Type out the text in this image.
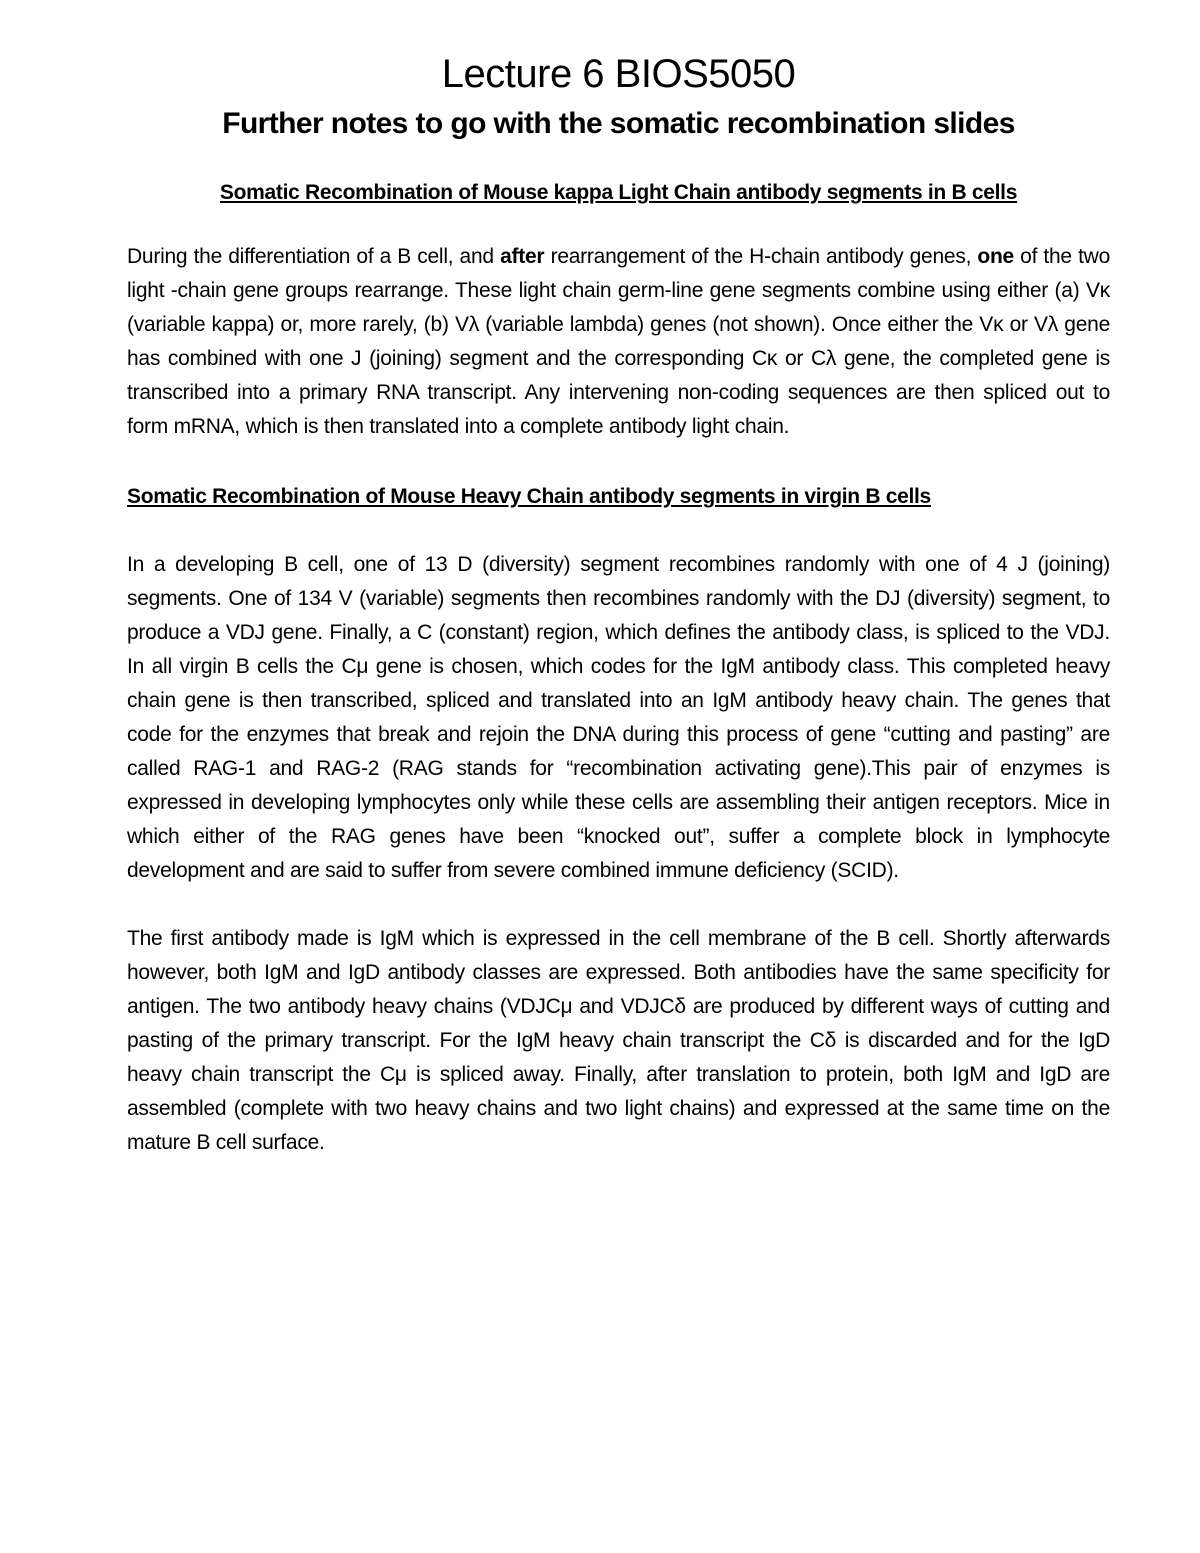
Lecture 6 BIOS5050
Further notes to go with the somatic recombination slides
Somatic Recombination of Mouse kappa Light Chain antibody segments in B cells

During the differentiation of a B cell, and after rearrangement of the H-chain antibody genes, one of the two light -chain gene groups rearrange. These light chain germ-line gene segments combine using either (a) Vκ (variable kappa) or, more rarely, (b) Vλ (variable lambda) genes (not shown). Once either the Vκ or Vλ gene has combined with one J (joining) segment and the corresponding Cκ or Cλ gene, the completed gene is transcribed into a primary RNA transcript. Any intervening non-coding sequences are then spliced out to form mRNA, which is then translated into a complete antibody light chain.

Somatic Recombination of Mouse Heavy Chain antibody segments in virgin B cells

In a developing B cell, one of 13 D (diversity) segment recombines randomly with one of 4 J (joining) segments. One of 134 V (variable) segments then recombines randomly with the DJ (diversity) segment, to produce a VDJ gene. Finally, a C (constant) region, which defines the antibody class, is spliced to the VDJ. In all virgin B cells the Cμ gene is chosen, which codes for the IgM antibody class. This completed heavy chain gene is then transcribed, spliced and translated into an IgM antibody heavy chain. The genes that code for the enzymes that break and rejoin the DNA during this process of gene “cutting and pasting” are called RAG-1 and RAG-2 (RAG stands for “recombination activating gene).This pair of enzymes is expressed in developing lymphocytes only while these cells are assembling their antigen receptors. Mice in which either of the RAG genes have been “knocked out”, suffer a complete block in lymphocyte development and are said to suffer from severe combined immune deficiency (SCID).

The first antibody made is IgM which is expressed in the cell membrane of the B cell. Shortly afterwards however, both IgM and IgD antibody classes are expressed. Both antibodies have the same specificity for antigen. The two antibody heavy chains (VDJCμ and VDJCδ are produced by different ways of cutting and pasting of the primary transcript. For the IgM heavy chain transcript the Cδ is discarded and for the IgD heavy chain transcript the Cμ is spliced away. Finally, after translation to protein, both IgM and IgD are assembled (complete with two heavy chains and two light chains) and expressed at the same time on the mature B cell surface.
